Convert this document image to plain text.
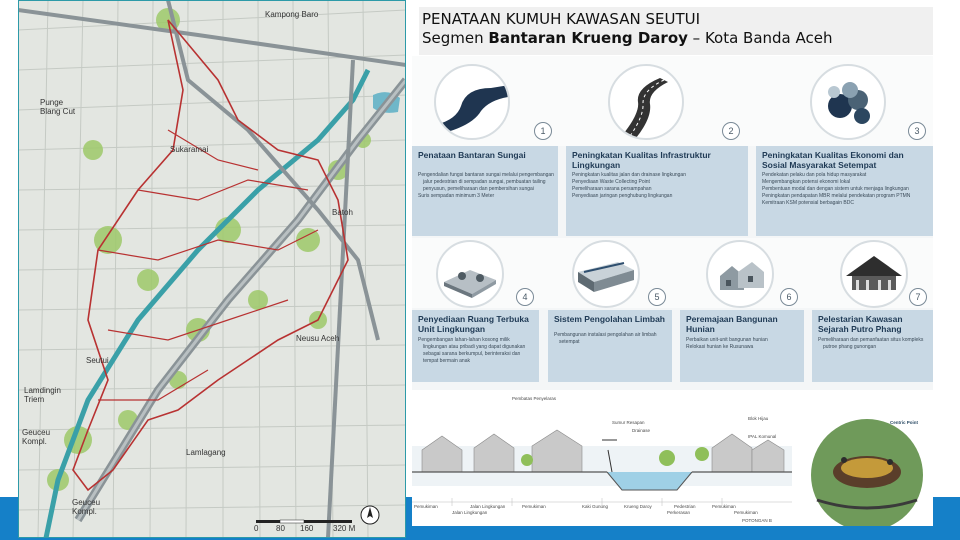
Kampong Baro
Punge
Blang Cut
Sukaramai
Batoh
Seutui
Neusu Aceh
Lamdingin
Triem
Geuceu
Kompl.
Lamlagang
Geuceu
Kompl.
0 80 160 320 M
PENATAAN KUMUH KAWASAN SEUTUI
Segmen Bantaran Krueng Daroy – Kota Banda Aceh
1	2	3
Penataan Bantaran Sungai
Pengendalian fungsi bantaran sungai melalui pengembangan jalur pedestrian di sempadan sungai, pembuatan tailing penyusun, pemeliharaan dan pembersihan sungai
Suris sempadan minimum 3 Meter
Peningkatan Kualitas Infrastruktur Lingkungan
Peningkatan kualitas jalan dan drainase lingkungan
Penyediaan Waste Collecting Point
Pemeliharaan sarana persampahan
Penyediaan jaringan penghubung lingkungan
Peningkatan Kualitas Ekonomi dan Sosial Masyarakat Setempat
Pendekatan pelaku dan pola hidup masyarakat
Mengembangkan potensi ekonomi lokal
Pembentuan modal dan dengan sistem untuk menjaga lingkungan
Peningkatan pendapatan MBR melalui pendekatan program PTMN
Kemitraan KSM potensial berbagain BDC
4	5	6	7
Penyediaan Ruang Terbuka Unit Lingkungan
Pengembangan lahan-lahan kosong milik lingkungan atau pribadi yang dapat digunakan sebagai sarana berkumpul, berinteraksi dan tempat bermain anak
Sistem Pengolahan Limbah
Pembangunan instalasi pengolahan air limbah setempat
Peremajaan Bangunan Hunian
Perbaikan unit-unit bangunan hunian
Relokasi hunian ke Rusunawa
Pelestarian Kawasan Sejarah Putro Phang
Pemeliharaan dan pemanfaatan situs kompleks putroe phang gunongan
Pemukiman	Jalan Lingkungan	Pemukiman	Krueng Daroy	Pedestrian	Pemukiman
Kaki Gunung
Jalan Lingkungan	Perkerasan	Pemukiman
Pembatas Penyelaras
Drainase
Sumur Resapan
Blok Hijau
IPAL Komunal
POTONGAN B
Centric Point
